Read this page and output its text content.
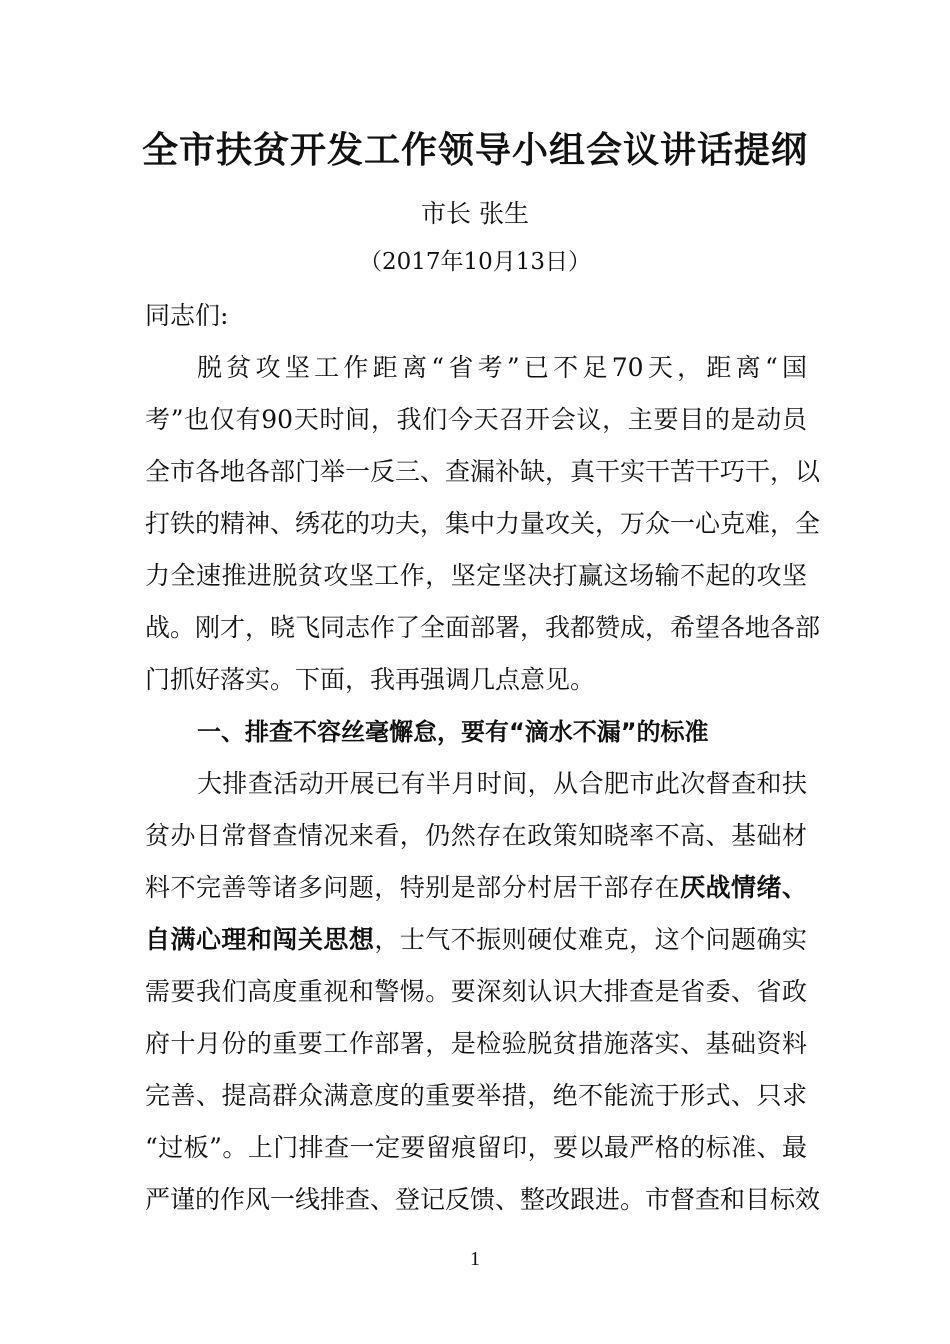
全市扶贫开发工作领导小组会议讲话提纲
市长 张生
（2017年10月13日）
同志们:
脱贫攻坚工作距离“省考”已不足70天，距离“国
考”也仅有90天时间，我们今天召开会议，主要目的是动员
全市各地各部门举一反三、查漏补缺，真干实干苦干巧干，以
打铁的精神、绣花的功夫，集中力量攻关，万众一心克难，全
力全速推进脱贫攻坚工作，坚定坚决打赢这场输不起的攻坚
战。刚才，晓飞同志作了全面部署，我都赞成，希望各地各部
门抓好落实。下面，我再强调几点意见。
一、排查不容丝毫懈怠，要有“滴水不漏”的标准
大排查活动开展已有半月时间，从合肥市此次督查和扶
贫办日常督查情况来看，仍然存在政策知晓率不高、基础材
料不完善等诸多问题，特别是部分村居干部存在厌战情绪、
自满心理和闯关思想，士气不振则硬仗难克，这个问题确实
需要我们高度重视和警惕。要深刻认识大排查是省委、省政
府十月份的重要工作部署，是检验脱贫措施落实、基础资料
完善、提高群众满意度的重要举措，绝不能流于形式、只求
“过板”。上门排查一定要留痕留印，要以最严格的标准、最
严谨的作风一线排查、登记反馈、整改跟进。市督查和目标效
1
